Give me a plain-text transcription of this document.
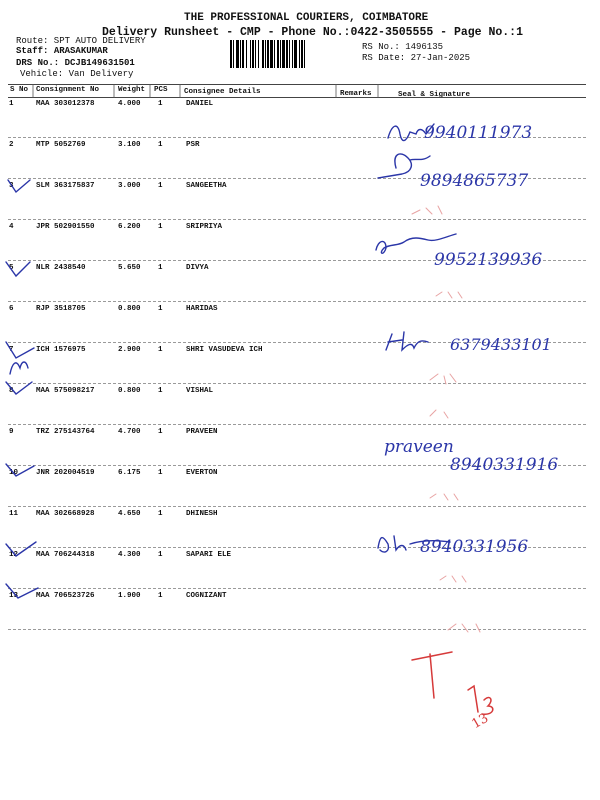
THE PROFESSIONAL COURIERS, COIMBATORE
Delivery Runsheet - CMP - Phone No.:0422-3505555 - Page No.:1
Route: SPT AUTO DELIVERY
Staff: ARASAKUMAR
DRS No.: DCJB149631501
Vehicle: Van Delivery
RS No.: 1496135
RS Date: 27-Jan-2025
S No Consignment No	Weight PCS Consignee Details	Remarks	Seal & Signature
1	MAA 303012378	4.000 1	DANIEL
2	MTP 5052769	3.100 1	PSR
3	SLM 363175837	3.000 1	SANGEETHA
4	JPR 502901550	6.200 1	SRIPRIYA
5	NLR 2438540	5.650 1	DIVYA
6	RJP 3518705	0.800 1	HARIDAS
7	ICH 1576975	2.900 1	SHRI VASUDEVA ICH
8	MAA 575098217	0.800 1	VISHAL
9	TRZ 275143764	4.700 1	PRAVEEN
10 JNR 202004519	6.175 1	EVERTON
11 MAA 302668928	4.650 1	DHINESH
12 MAA 706244318	4.300 1	SAPARI ELE
13 MAA 706523726	1.900 1	COGNIZANT
9940111973
9894865737
9952139936
6379433101
praveen
8940331916
8940331956
13
